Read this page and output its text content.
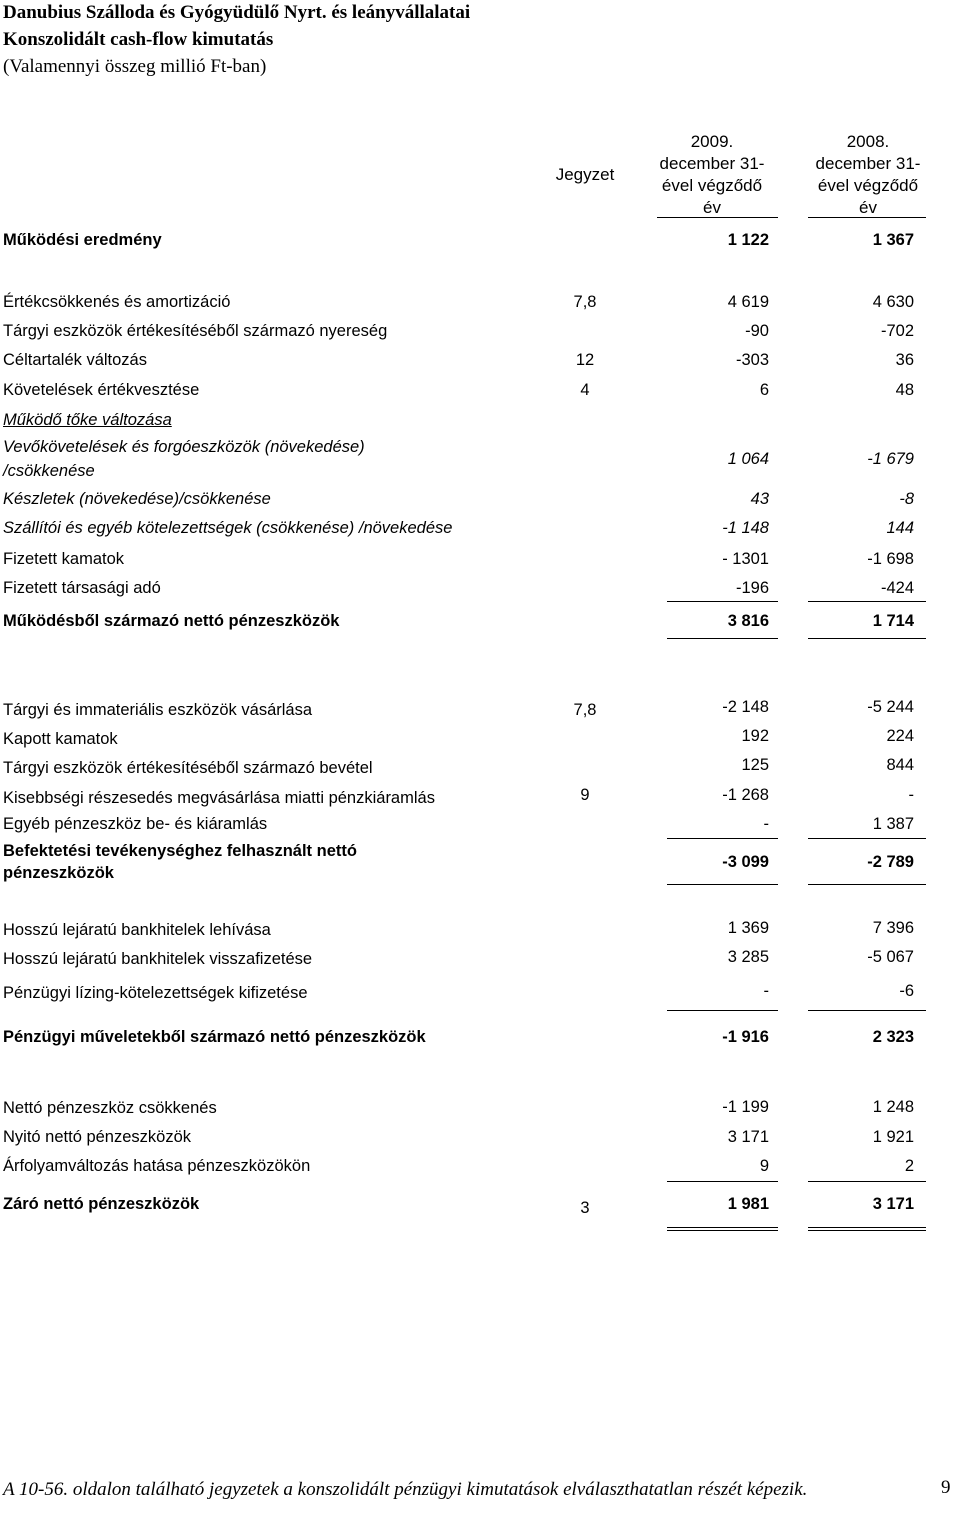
Danubius Szálloda és Gyógyüdülő Nyrt. és leányvállalatai
Konszolidált cash-flow kimutatás
(Valamennyi összeg millió Ft-ban)
Jegyzet
2009.
december 31-
ével végződő
év
2008.
december 31-
ével végződő
év
Működési eredmény	1 122	1 367
Értékcsökkenés és amortizáció	7,8	4 619	4 630
Tárgyi eszközök értékesítéséből származó nyereség	-90	-702
Céltartalék változás	12	-303	36
Követelések értékvesztése	4	6	48
Működő tőke változása
Vevőkövetelések és forgóeszközök (növekedése)
/csökkenése
1 064	-1 679
Készletek (növekedése)/csökkenése	43	-8
Szállítói és egyéb kötelezettségek (csökkenése) /növekedése	-1 148	144
Fizetett kamatok	- 1301	-1 698
Fizetett társasági adó	-196	-424
Működésből származó nettó pénzeszközök	3 816	1 714
Tárgyi és immateriális eszközök vásárlása	7,8	-2 148	-5 244
Kapott kamatok	192	224
Tárgyi eszközök értékesítéséből származó bevétel	125	844
Kisebbségi részesedés megvásárlása miatti pénzkiáramlás	9	-1 268	-
Egyéb pénzeszköz be- és kiáramlás	-	1 387
Befektetési tevékenységhez felhasznált nettó
pénzeszközök
-3 099	-2 789
Hosszú lejáratú bankhitelek lehívása	1 369	7 396
Hosszú lejáratú bankhitelek visszafizetése	3 285	-5 067
Pénzügyi lízing-kötelezettségek kifizetése	-	-6
Pénzügyi műveletekből származó nettó pénzeszközök	-1 916	2 323
Nettó pénzeszköz csökkenés	-1 199	1 248
Nyitó nettó pénzeszközök	3 171	1 921
Árfolyamváltozás hatása pénzeszközökön	9	2
Záró nettó pénzeszközök	3	1 981	3 171
A 10-56. oldalon található jegyzetek a konszolidált pénzügyi kimutatások elválaszthatatlan részét képezik.	9
